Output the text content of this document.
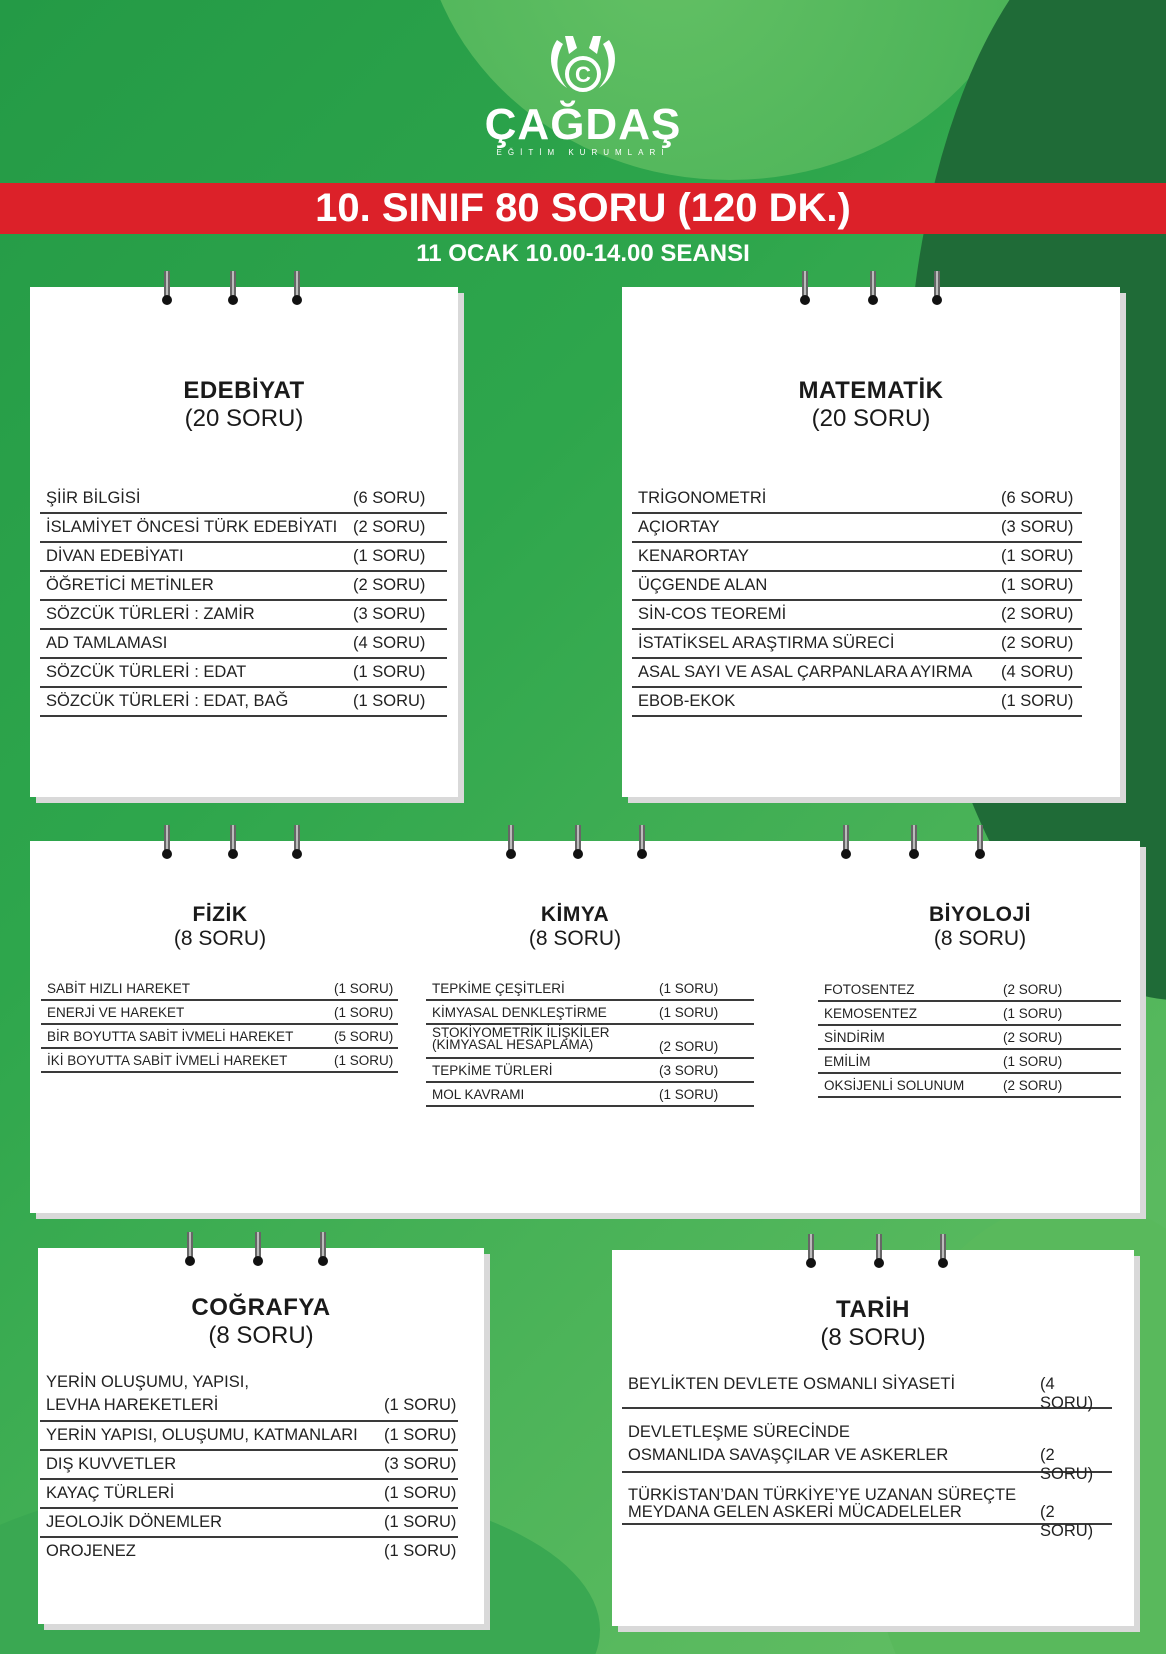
C
ÇAĞDAŞ
EĞİTİM KURUMLARI
10. SINIF 80 SORU (120 DK.)
11 OCAK 10.00-14.00 SEANSI
EDEBİYAT
(20 SORU)
ŞİİR BİLGİSİ	(6 SORU)
İSLAMİYET ÖNCESİ TÜRK EDEBİYATI (2 SORU)
DİVAN EDEBİYATI	(1 SORU)
ÖĞRETİCİ METİNLER	(2 SORU)
SÖZCÜK TÜRLERİ : ZAMİR	(3 SORU)
AD TAMLAMASI	(4 SORU)
SÖZCÜK TÜRLERİ : EDAT	(1 SORU)
SÖZCÜK TÜRLERİ : EDAT, BAĞ	(1 SORU)
MATEMATİK
(20 SORU)
TRİGONOMETRİ	(6 SORU)
AÇIORTAY	(3 SORU)
KENARORTAY	(1 SORU)
ÜÇGENDE ALAN	(1 SORU)
SİN-COS TEOREMİ	(2 SORU)
İSTATİKSEL ARAŞTIRMA SÜRECİ	(2 SORU)
ASAL SAYI VE ASAL ÇARPANLARA AYIRMA (4 SORU)
EBOB-EKOK	(1 SORU)
FİZİK
(8 SORU)
KİMYA
(8 SORU)
BİYOLOJİ
(8 SORU)
SABİT HIZLI HAREKET	(1 SORU)
ENERJİ VE HAREKET	(1 SORU)
BİR BOYUTTA SABİT İVMELİ HAREKET	(5 SORU)
İKİ BOYUTTA SABİT İVMELİ HAREKET	(1 SORU)
TEPKİME ÇEŞİTLERİ	(1 SORU)
KİMYASAL DENKLEŞTİRME	(1 SORU)
STOKİYOMETRİK İLİŞKİLER
(KİMYASAL HESAPLAMA)	(2 SORU)
TEPKİME TÜRLERİ	(3 SORU)
MOL KAVRAMI	(1 SORU)
FOTOSENTEZ	(2 SORU)
KEMOSENTEZ	(1 SORU)
SİNDİRİM	(2 SORU)
EMİLİM	(1 SORU)
OKSİJENLİ SOLUNUM	(2 SORU)
COĞRAFYA
(8 SORU)
YERİN OLUŞUMU, YAPISI,
LEVHA HAREKETLERİ	(1 SORU)
YERİN YAPISI, OLUŞUMU, KATMANLARI (1 SORU)
DIŞ KUVVETLER	(3 SORU)
KAYAÇ TÜRLERİ	(1 SORU)
JEOLOJİK DÖNEMLER	(1 SORU)
OROJENEZ	(1 SORU)
TARİH
(8 SORU)
BEYLİKTEN DEVLETE OSMANLI SİYASETİ	(4 SORU)
DEVLETLEŞME SÜRECİNDE
OSMANLIDA SAVAŞÇILAR VE ASKERLER	(2 SORU)
TÜRKİSTAN’DAN TÜRKİYE’YE UZANAN SÜREÇTE
MEYDANA GELEN ASKERİ MÜCADELELER	(2 SORU)
